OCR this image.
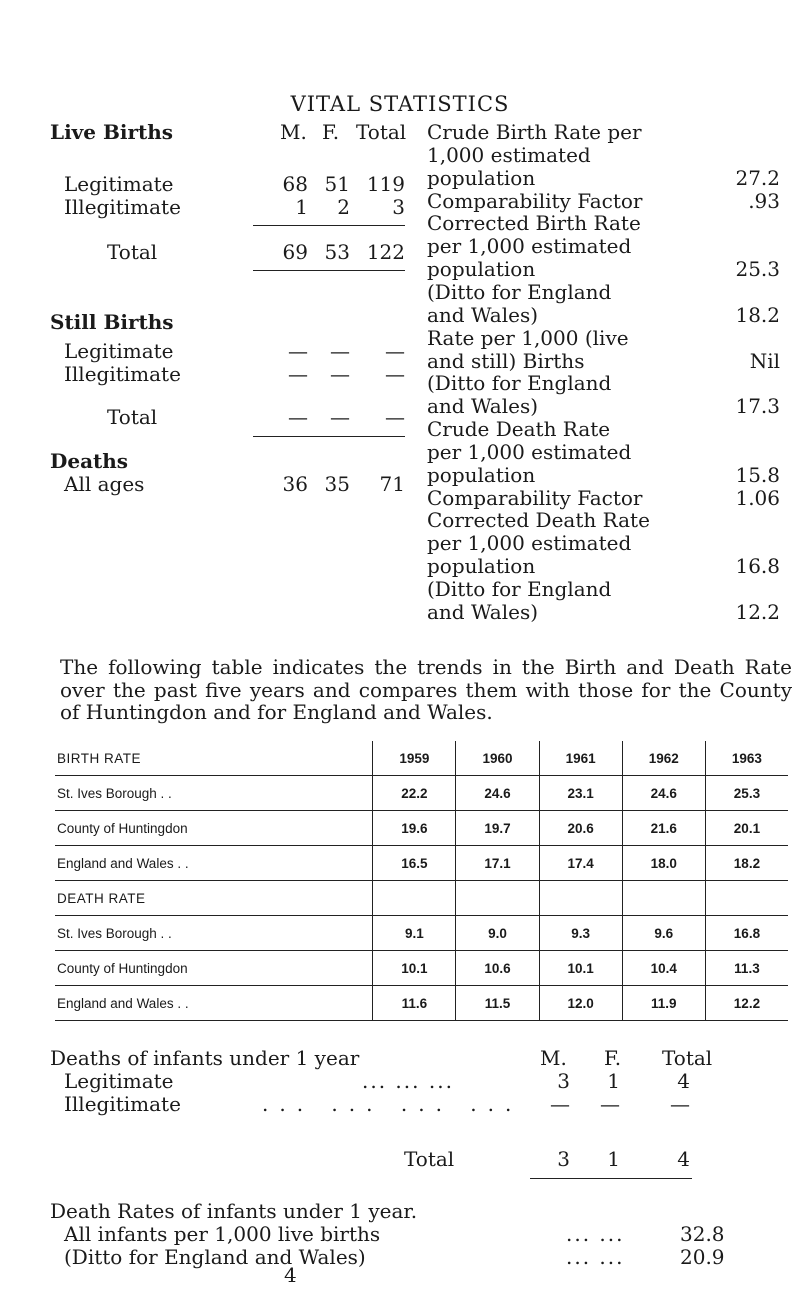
VITAL STATISTICS
Live Births	M. F. Total
Legitimate	68 51 119
Illegitimate	1	2	3
Total	69 53 122
Still Births
Legitimate	—	—	—
Illegitimate	—	—	—
Total	—	—	—
Deaths
All ages	36 35	71
Crude Birth Rate per
1,000 estimated
population	27.2
Comparability Factor	.93
Corrected Birth Rate
per 1,000 estimated
population	25.3
(Ditto for England
and Wales)	18.2
Rate per 1,000 (live
and still) Births	Nil
(Ditto for England
and Wales)	17.3
Crude Death Rate
per 1,000 estimated
population	15.8
Comparability Factor	1.06
Corrected Death Rate
per 1,000 estimated
population	16.8
(Ditto for England
and Wales)	12.2
The following table indicates the trends in the Birth and Death Rate over the past five years and compares them with those for the County of Huntingdon and for England and Wales.
BIRTH RATE	1959	1960	1961	1962	1963
St. Ives Borough . .	22.2	24.6	23.1	24.6	25.3
County of Huntingdon	19.6	19.7	20.6	21.6	20.1
England and Wales . .	16.5	17.1	17.4	18.0	18.2
DEATH RATE					
St. Ives Borough . .	9.1	9.0	9.3	9.6	16.8
County of Huntingdon	10.1	10.6	10.1	10.4	11.3
England and Wales . .	11.6	11.5	12.0	11.9	12.2
Deaths of infants under 1 year	M. F. Total
Legitimate	... ... ...	3	1	4
Illegitimate	... ... ... ...	—	—	—
Total	3	1	4
Death Rates of infants under 1 year.
All infants per 1,000 live births	... ...	32.8
(Ditto for England and Wales)	... ...	20.9
4
